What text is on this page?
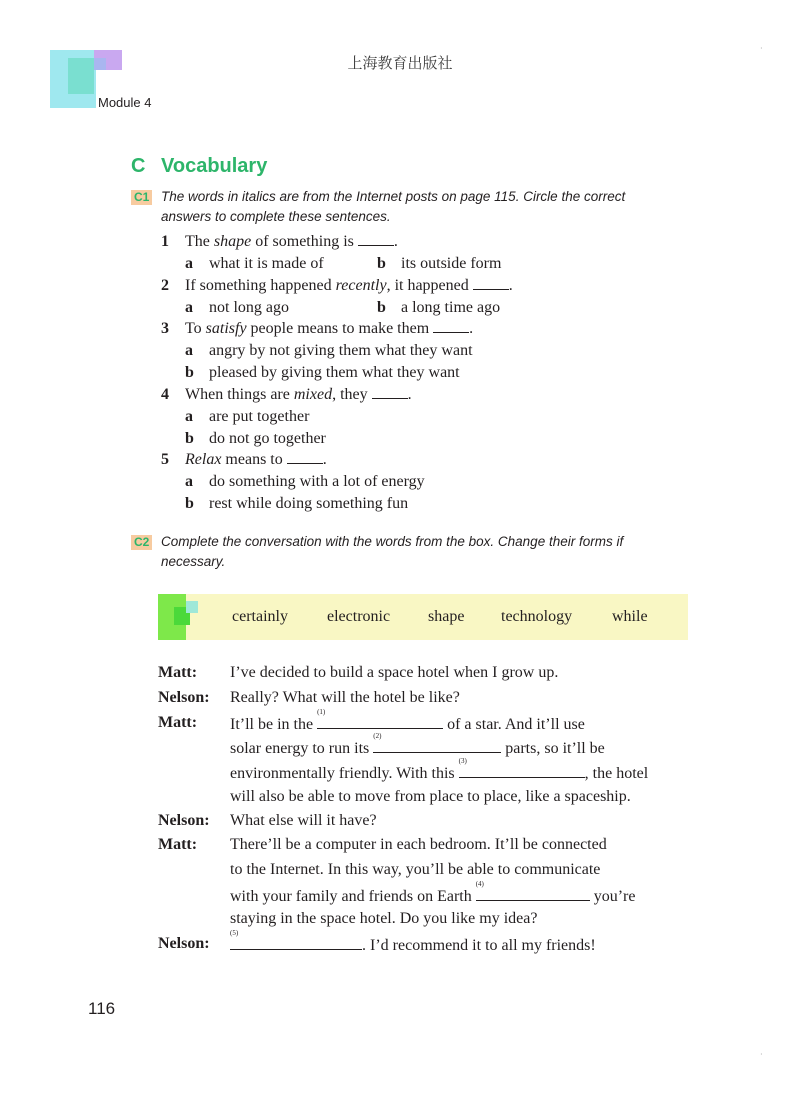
上海教育出版社
Module 4
·
·
C Vocabulary
C1 The words in italics are from the Internet posts on page 115. Circle the correct
answers to complete these sentences.
1 The shape of something is .
a what it is made of	b its outside form
2 If something happened recently, it happened .
a not long ago	b a long time ago
3 To satisfy people means to make them .
a angry by not giving them what they want
b pleased by giving them what they want
4 When things are mixed, they .
a are put together
b do not go together
5 Relax means to .
a do something with a lot of energy
b rest while doing something fun
C2 Complete the conversation with the words from the box. Change their forms if
necessary.
certainly electronic shape technology while
Matt: I’ve decided to build a space hotel when I grow up.
Nelson: Really? What will the hotel be like?
Matt: It’ll be in the
(1)
of a star. And it’ll use
solar energy to run its
(2)
parts, so it’ll be
environmentally friendly. With this
(3)
, the hotel
will also be able to move from place to place, like a spaceship.
Nelson: What else will it have?
Matt: There’ll be a computer in each bedroom. It’ll be connected
to the Internet. In this way, you’ll be able to communicate
with your family and friends on Earth
(4)
you’re
staying in the space hotel. Do you like my idea?
Nelson:
(5)
. I’d recommend it to all my friends!
116
